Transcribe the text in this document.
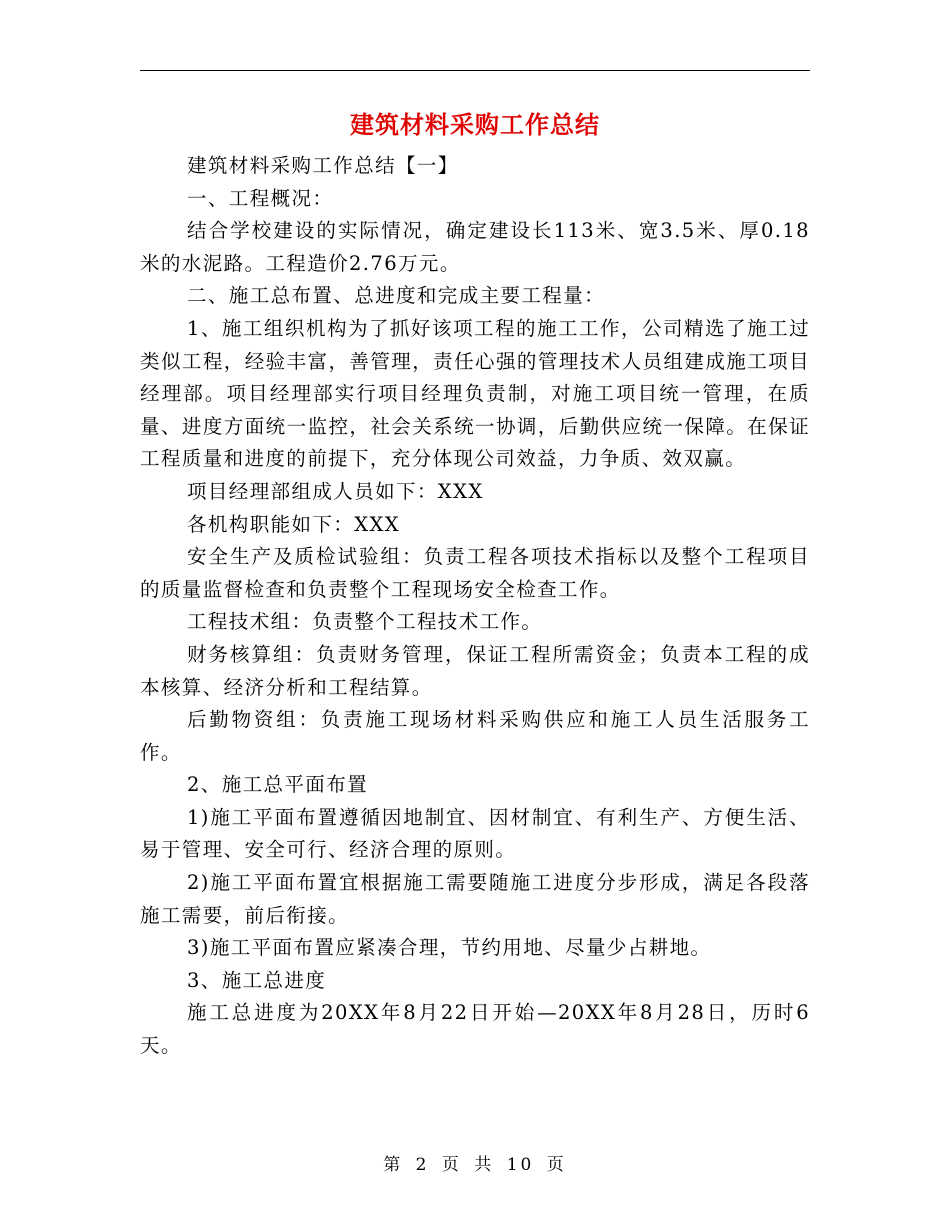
建筑材料采购工作总结

建筑材料采购工作总结【一】

一、工程概况：

结合学校建设的实际情况，确定建设长113米、宽3.5米、厚0.18米的水泥路。工程造价2.76万元。

二、施工总布置、总进度和完成主要工程量：

1、施工组织机构为了抓好该项工程的施工工作，公司精选了施工过类似工程，经验丰富，善管理，责任心强的管理技术人员组建成施工项目经理部。项目经理部实行项目经理负责制，对施工项目统一管理，在质量、进度方面统一监控，社会关系统一协调，后勤供应统一保障。在保证工程质量和进度的前提下，充分体现公司效益，力争质、效双赢。

项目经理部组成人员如下：XXX

各机构职能如下：XXX

安全生产及质检试验组：负责工程各项技术指标以及整个工程项目的质量监督检查和负责整个工程现场安全检查工作。

工程技术组：负责整个工程技术工作。

财务核算组：负责财务管理，保证工程所需资金；负责本工程的成本核算、经济分析和工程结算。

后勤物资组：负责施工现场材料采购供应和施工人员生活服务工作。

2、施工总平面布置

1)施工平面布置遵循因地制宜、因材制宜、有利生产、方便生活、易于管理、安全可行、经济合理的原则。

2)施工平面布置宜根据施工需要随施工进度分步形成，满足各段落施工需要，前后衔接。

3)施工平面布置应紧凑合理，节约用地、尽量少占耕地。

3、施工总进度

施工总进度为20XX年8月22日开始—20XX年8月28日，历时6天。

第 2 页 共 10 页
